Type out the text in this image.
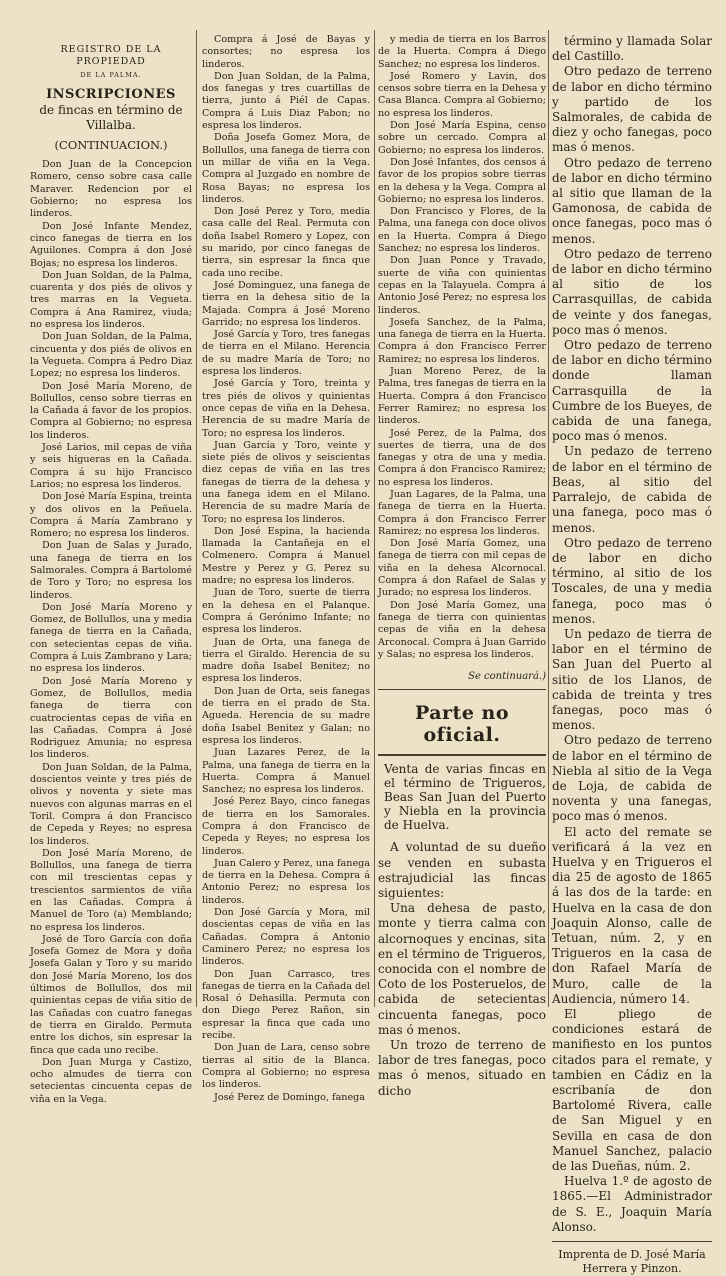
REGISTRO DE LA PROPIEDAD

DE LA PALMA.

INSCRIPCIONES

de fincas en término de Villalba.

(CONTINUACION.)

Don Juan de la Concepcion Romero, censo sobre casa calle Maraver. Redencion por el Gobierno; no espresa los linderos.

Don José Infante Mendez, cinco fanegas de tierra en los Aguilones. Compra á don José Bojas; no espresa los linderos.

Don Juan Soldan, de la Palma, cuarenta y dos piés de olivos y tres marras en la Vegueta. Compra á Ana Ramirez, viuda; no espresa los linderos.

Don Juan Soldan, de la Palma, cincuenta y dos piés de olivos en la Vegueta. Compra á Pedro Diaz Lopez; no espresa los linderos.

Don José María Moreno, de Bollullos, censo sobre tierras en la Cañada á favor de los propios. Compra al Gobierno; no espresa los linderos.

José Larios, mil cepas de viña y seis higueras en la Cañada. Compra á su hijo Francisco Larios; no espresa los linderos.

Don José María Espina, treinta y dos olivos en la Peñuela. Compra á María Zambrano y Romero; no espresa los linderos.

Don Juan de Salas y Jurado, una fanega de tierra en los Salmorales. Compra á Bartolomé de Toro y Toro; no espresa los linderos.

Don José María Moreno y Gomez, de Bollullos, una y media fanega de tierra en la Cañada, con setecientas cepas de viña. Compra á Luis Zambrano y Lara; no espresa los linderos.

Don José María Moreno y Gomez, de Bollullos, media fanega de tierra con cuatrocientas cepas de viña en las Cañadas. Compra á José Rodriguez Amunia; no espresa los linderos.

Don Juan Soldan, de la Palma, doscientos veinte y tres piés de olivos y noventa y siete mas nuevos con algunas marras en el Toril. Compra á don Francisco de Cepeda y Reyes; no espresa los linderos.

Don José María Moreno, de Bollullos, una fanega de tierra con mil trescientas cepas y trescientos sarmientos de viña en las Cañadas. Compra á Manuel de Toro (a) Memblando; no espresa los linderos.

José de Toro García con doña Josefa Gomez de Mora y doña Josefa Galan y Toro y su marido don José María Moreno, los dos últimos de Bollullos, dos mil quinientas cepas de viña sitio de las Cañadas con cuatro fanegas de tierra en Giraldo. Permuta entre los dichos, sin espresar la finca que cada uno recibe.

Don Juan Murga y Castizo, ocho almudes de tierra con setecientas cincuenta cepas de viña en la Vega.

Compra á José de Bayas y consortes; no espresa los linderos.

Don Juan Soldan, de la Palma, dos fanegas y tres cuartillas de tierra, junto á Piél de Capas. Compra á Luis Diaz Pabon; no espresa los linderos.

Doña Josefa Gomez Mora, de Bollullos, una fanega de tierra con un millar de viña en la Vega. Compra al Juzgado en nombre de Rosa Bayas; no espresa los linderos.

Don José Perez y Toro, media casa calle del Real. Permuta con doña Isabel Romero y Lopez, con su marido, por cinco fanegas de tierra, sin espresar la finca que cada uno recibe.

José Dominguez, una fanega de tierra en la dehesa sitio de la Majada. Compra á José Moreno Garrido; no espresa los linderos.

José García y Toro, tres fanegas de tierra en el Milano. Herencia de su madre María de Toro; no espresa los linderos.

José García y Toro, treinta y tres piés de olivos y quinientas once cepas de viña en la Dehesa. Herencia de su madre María de Toro; no espresa los linderos.

Juan García y Toro, veinte y siete piés de olivos y seiscientas diez cepas de viña en las tres fanegas de tierra de la dehesa y una fanega idem en el Milano. Herencia de su madre María de Toro; no espresa los linderos.

Don José Espina, la hacienda llamada la Cantañeja en el Colmenero. Compra á Manuel Mestre y Perez y G. Perez su madre; no espresa los linderos.

Juan de Toro, suerte de tierra en la dehesa en el Palanque. Compra á Gerónimo Infante; no espresa los linderos.

Juan de Orta, una fanega de tierra el Giraldo. Herencia de su madre doña Isabel Benitez; no espresa los linderos.

Don Juan de Orta, seis fanegas de tierra en el prado de Sta. Agueda. Herencia de su madre doña Isabel Benitez y Galan; no espresa los linderos.

Juan Lazares Perez, de la Palma, una fanega de tierra en la Huerta. Compra á Manuel Sanchez; no espresa los linderos.

José Perez Bayo, cinco fanegas de tierra en los Samorales. Compra á don Francisco de Cepeda y Reyes; no espresa los linderos.

Juan Calero y Perez, una fanega de tierra en la Dehesa. Compra á Antonio Perez; no espresa los linderos.

Don José García y Mora, mil doscientas cepas de viña en las Cañadas. Compra á Antonio Caminero Perez; no espresa los linderos.

Don Juan Carrasco, tres fanegas de tierra en la Cañada del Rosal ó Dehasilla. Permuta con don Diego Perez Rañon, sin espresar la finca que cada uno recibe.

Don Juan de Lara, censo sobre tierras al sitio de la Blanca. Compra al Gobierno; no espresa los linderos.

José Perez de Domingo, fanega

y media de tierra en los Barros de la Huerta. Compra á Diego Sanchez; no espresa los linderos.

José Romero y Lavin, dos censos sobre tierra en la Dehesa y Casa Blanca. Compra al Gobierno; no espresa los linderos.

Don José María Espina, censo sobre un cercado. Compra al Gobierno; no espresa los linderos.

Don José Infantes, dos censos á favor de los propios sobre tierras en la dehesa y la Vega. Compra al Gobierno; no espresa los linderos.

Don Francisco y Flores, de la Palma, una fanega con doce olivos en la Huerta. Compra á Diego Sanchez; no espresa los linderos.

Don Juan Ponce y Travado, suerte de viña con quinientas cepas en la Talayuela. Compra á Antonio José Perez; no espresa los linderos.

Josefa Sanchez, de la Palma, una fanega de tierra en la Huerta. Compra á don Francisco Ferrer Ramirez; no espresa los linderos.

Juan Moreno Perez, de la Palma, tres fanegas de tierra en la Huerta. Compra á don Francisco Ferrer Ramirez; no espresa los linderos.

José Perez, de la Palma, dos suertes de tierra, una de dos fanegas y otra de una y media. Compra á don Francisco Ramirez; no espresa los linderos.

Juan Lagares, de la Palma, una fanega de tierra en la Huerta. Compra á don Francisco Ferrer Ramirez; no espresa los linderos.

Don José María Gomez, una fanega de tierra con mil cepas de viña en la dehesa Alcornocal. Compra á don Rafael de Salas y Jurado; no espresa los linderos.

Don José María Gomez, una fanega de tierra con quinientas cepas de viña en la dehesa Arconocal. Compra á Juan Garrido y Salas; no espresa los linderos.

Se continuará.)

Parte no oficial.

Venta de varias fincas en el término de Trigueros, Beas San Juan del Puerto y Niebla en la provincia de Huelva.

A voluntad de su dueño se venden en subasta estrajudicial las fincas siguientes:

Una dehesa de pasto, monte y tierra calma con alcornoques y encinas, sita en el término de Trigueros, conocida con el nombre de Coto de los Posteruelos, de cabida de setecientas cincuenta fanegas, poco mas ó menos.

Un trozo de terreno de labor de tres fanegas, poco mas ó menos, situado en dicho

término y llamada Solar del Castillo.

Otro pedazo de terreno de labor en dicho término y partido de los Salmorales, de cabida de diez y ocho fanegas, poco mas ó menos.

Otro pedazo de terreno de labor en dicho término al sitio que llaman de la Gamonosa, de cabida de once fanegas, poco mas ó menos.

Otro pedazo de terreno de labor en dicho término al sitio de los Carrasquillas, de cabida de veinte y dos fanegas, poco mas ó menos.

Otro pedazo de terreno de labor en dicho término donde llaman Carrasquilla de la Cumbre de los Bueyes, de cabida de una fanega, poco mas ó menos.

Un pedazo de terreno de labor en el término de Beas, al sitio del Parralejo, de cabida de una fanega, poco mas ó menos.

Otro pedazo de terreno de labor en dicho término, al sitio de los Toscales, de una y media fanega, poco mas ó menos.

Un pedazo de tierra de labor en el término de San Juan del Puerto al sitio de los Llanos, de cabida de treinta y tres fanegas, poco mas ó menos.

Otro pedazo de terreno de labor en el término de Niebla al sitio de la Vega de Loja, de cabida de noventa y una fanegas, poco mas ó menos.

El acto del remate se verificará á la vez en Huelva y en Trigueros el dia 25 de agosto de 1865 á las dos de la tarde: en Huelva en la casa de don Joaquin Alonso, calle de Tetuan, núm. 2, y en Trigueros en la casa de don Rafael María de Muro, calle de la Audiencia, número 14.

El pliego de condiciones estará de manifiesto en los puntos citados para el remate, y tambien en Cádiz en la escribanía de don Bartolomé Rivera, calle de San Miguel y en Sevilla en casa de don Manuel Sanchez, palacio de las Dueñas, núm. 2.

Huelva 1.º de agosto de 1865.—El Administrador de S. E., Joaquin María Alonso.

Imprenta de D. José María Herrera y Pinzon.
